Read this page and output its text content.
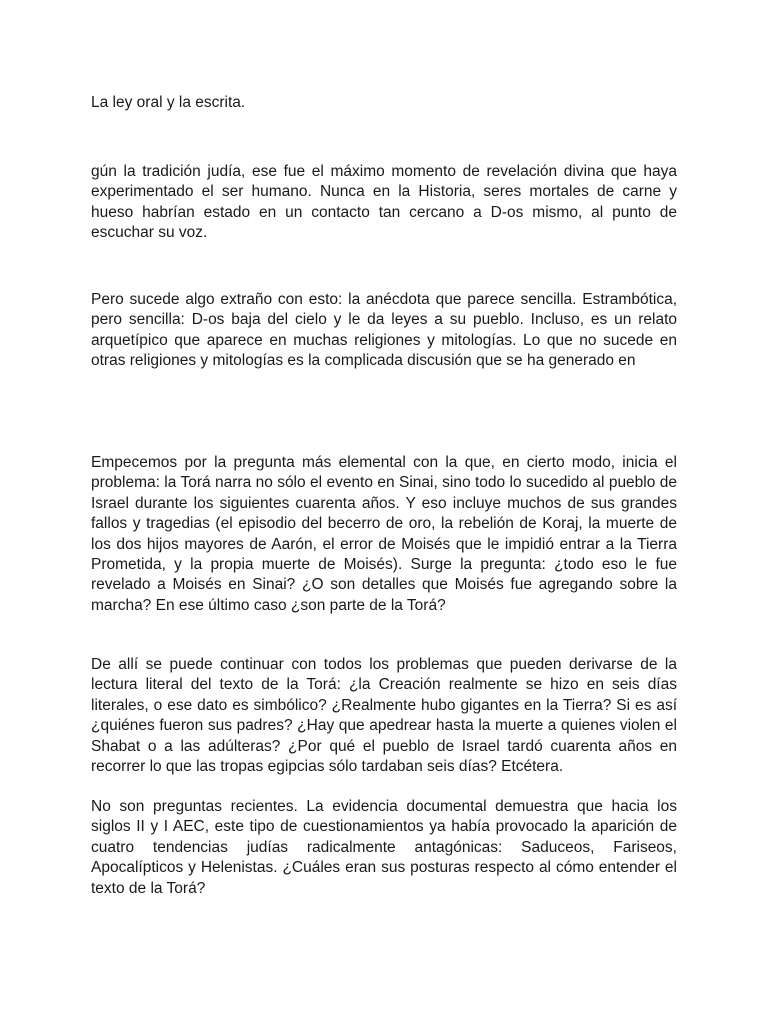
La ley oral y la escrita.

gún la tradición judía, ese fue el máximo momento de revelación divina que haya experimentado el ser humano. Nunca en la Historia, seres mortales de carne y hueso habrían estado en un contacto tan cercano a D-os mismo, al punto de escuchar su voz.

Pero sucede algo extraño con esto: la anécdota que parece sencilla. Estrambótica, pero sencilla: D-os baja del cielo y le da leyes a su pueblo. Incluso, es un relato arquetípico que aparece en muchas religiones y mitologías. Lo que no sucede en otras religiones y mitologías es la complicada discusión que se ha generado en

Empecemos por la pregunta más elemental con la que, en cierto modo, inicia el problema: la Torá narra no sólo el evento en Sinai, sino todo lo sucedido al pueblo de Israel durante los siguientes cuarenta años. Y eso incluye muchos de sus grandes fallos y tragedias (el episodio del becerro de oro, la rebelión de Koraj, la muerte de los dos hijos mayores de Aarón, el error de Moisés que le impidió entrar a la Tierra Prometida, y la propia muerte de Moisés). Surge la pregunta: ¿todo eso le fue revelado a Moisés en Sinai? ¿O son detalles que Moisés fue agregando sobre la marcha? En ese último caso ¿son parte de la Torá?

De allí se puede continuar con todos los problemas que pueden derivarse de la lectura literal del texto de la Torá: ¿la Creación realmente se hizo en seis días literales, o ese dato es simbólico? ¿Realmente hubo gigantes en la Tierra? Si es así ¿quiénes fueron sus padres? ¿Hay que apedrear hasta la muerte a quienes violen el Shabat o a las adúlteras? ¿Por qué el pueblo de Israel tardó cuarenta años en recorrer lo que las tropas egipcias sólo tardaban seis días? Etcétera.

No son preguntas recientes. La evidencia documental demuestra que hacia los siglos II y I AEC, este tipo de cuestionamientos ya había provocado la aparición de cuatro tendencias judías radicalmente antagónicas: Saduceos, Fariseos, Apocalípticos y Helenistas. ¿Cuáles eran sus posturas respecto al cómo entender el texto de la Torá?
